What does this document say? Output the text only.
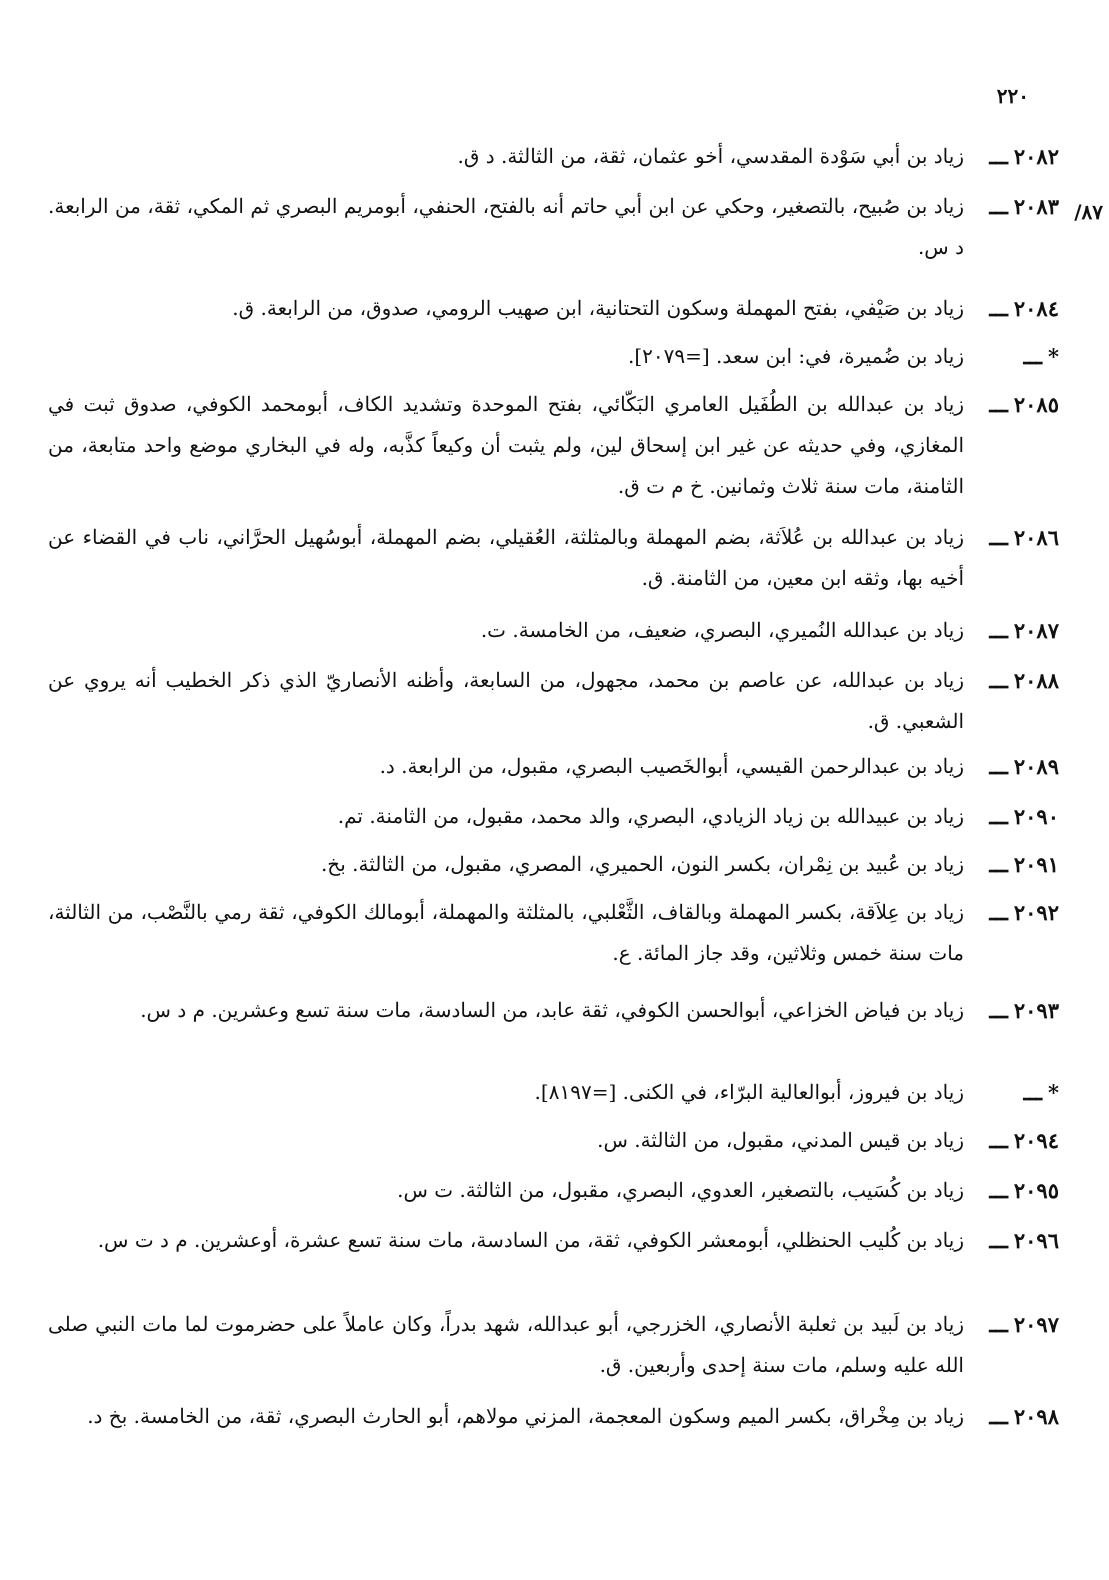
٢٢٠
٨٧/
٢٠٨٢ـــ
زياد بن أبي سَوْدة المقدسي، أخو عثمان، ثقة، من الثالثة. د ق.
٢٠٨٣ـــ
زياد بن صُبيح، بالتصغير، وحكي عن ابن أبي حاتم أنه بالفتح، الحنفي، أبومريم البصري ثم المكي، ثقة، من الرابعة. د س.
٢٠٨٤ـــ
زياد بن صَيْفي، بفتح المهملة وسكون التحتانية، ابن صهيب الرومي، صدوق، من الرابعة. ق.
*ـــ
زياد بن ضُميرة، في: ابن سعد. [=٢٠٧٩].
٢٠٨٥ـــ
زياد بن عبدالله بن الطُفَيل العامري البَكّائي، بفتح الموحدة وتشديد الكاف، أبومحمد الكوفي، صدوق ثبت في المغازي، وفي حديثه عن غير ابن إسحاق لين، ولم يثبت أن وكيعاً كذَّبه، وله في البخاري موضع واحد متابعة، من الثامنة، مات سنة ثلاث وثمانين. خ م ت ق.
٢٠٨٦ـــ
زياد بن عبدالله بن عُلاَثة، بضم المهملة وبالمثلثة، العُقيلي، بضم المهملة، أبوسُهيل الحرَّاني، ناب في القضاء عن أخيه بها، وثقه ابن معين، من الثامنة. ق.
٢٠٨٧ـــ
زياد بن عبدالله النُميري، البصري، ضعيف، من الخامسة. ت.
٢٠٨٨ـــ
زياد بن عبدالله، عن عاصم بن محمد، مجهول، من السابعة، وأظنه الأنصاريّ الذي ذكر الخطيب أنه يروي عن الشعبي. ق.
٢٠٨٩ـــ
زياد بن عبدالرحمن القيسي، أبوالخَصيب البصري، مقبول، من الرابعة. د.
٢٠٩٠ـــ
زياد بن عبيدالله بن زياد الزيادي، البصري، والد محمد، مقبول، من الثامنة. تم.
٢٠٩١ـــ
زياد بن عُبيد بن نِمْران، بكسر النون، الحميري، المصري، مقبول، من الثالثة. بخ.
٢٠٩٢ـــ
زياد بن عِلاَقة، بكسر المهملة وبالقاف، الثَّعْلبي، بالمثلثة والمهملة، أبومالك الكوفي، ثقة رمي بالنَّصْب، من الثالثة، مات سنة خمس وثلاثين، وقد جاز المائة. ع.
٢٠٩٣ـــ
زياد بن فياض الخزاعي، أبوالحسن الكوفي، ثقة عابد، من السادسة، مات سنة تسع وعشرين. م د س.
*ـــ
زياد بن فيروز، أبوالعالية البرّاء، في الكنى. [=٨١٩٧].
٢٠٩٤ـــ
زياد بن قيس المدني، مقبول، من الثالثة. س.
٢٠٩٥ـــ
زياد بن كُسَيب، بالتصغير، العدوي، البصري، مقبول، من الثالثة. ت س.
٢٠٩٦ـــ
زياد بن كُليب الحنظلي، أبومعشر الكوفي، ثقة، من السادسة، مات سنة تسع عشرة، أوعشرين. م د ت س.
٢٠٩٧ـــ
زياد بن لَبيد بن ثعلبة الأنصاري، الخزرجي، أبو عبدالله، شهد بدراً، وكان عاملاً على حضرموت لما مات النبي صلى الله عليه وسلم، مات سنة إحدى وأربعين. ق.
٢٠٩٨ـــ
زياد بن مِخْراق، بكسر الميم وسكون المعجمة، المزني مولاهم، أبو الحارث البصري، ثقة، من الخامسة. بخ د.
